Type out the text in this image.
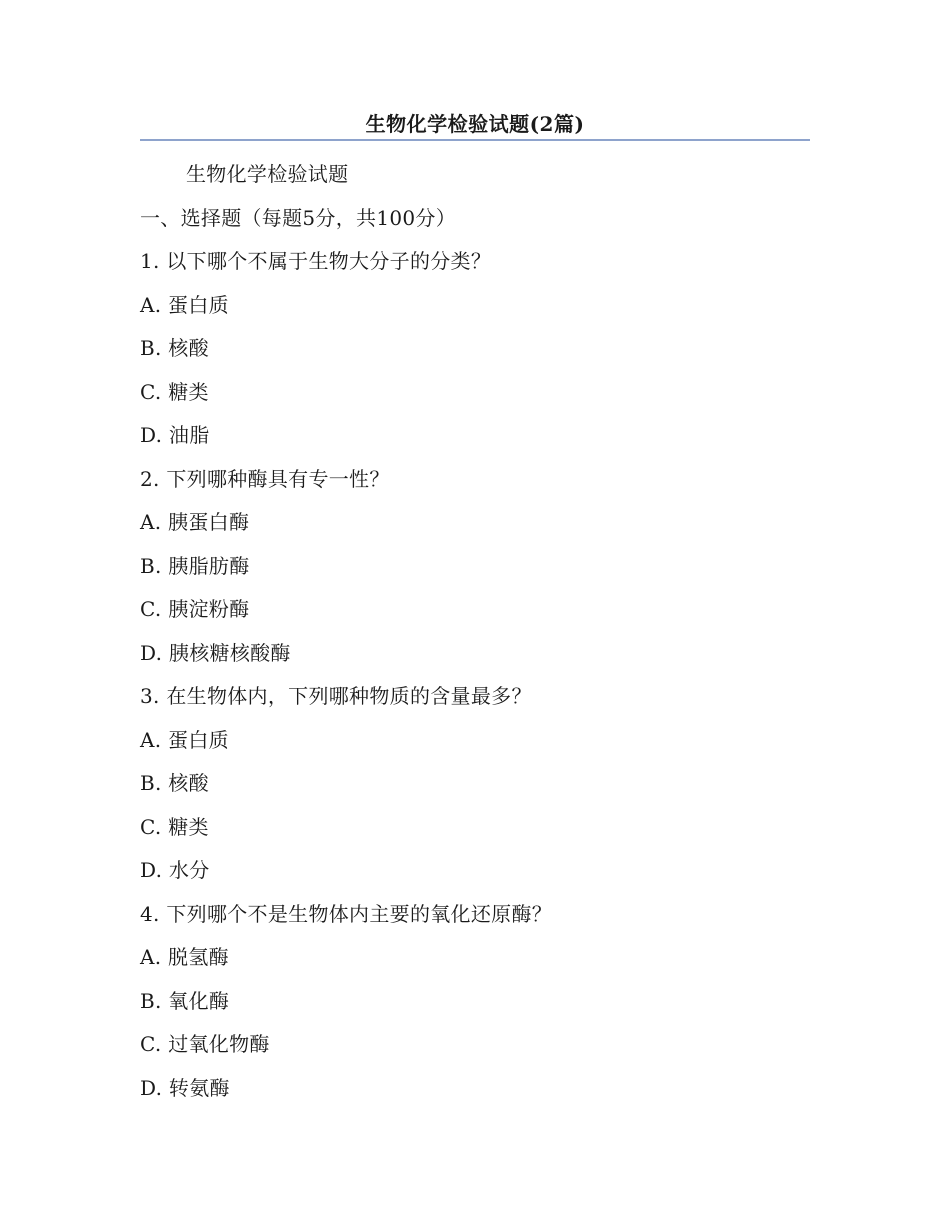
生物化学检验试题(2篇)
生物化学检验试题
一、选择题（每题5分，共100分）
1. 以下哪个不属于生物大分子的分类？
A. 蛋白质
B. 核酸
C. 糖类
D. 油脂
2. 下列哪种酶具有专一性？
A. 胰蛋白酶
B. 胰脂肪酶
C. 胰淀粉酶
D. 胰核糖核酸酶
3. 在生物体内，下列哪种物质的含量最多？
A. 蛋白质
B. 核酸
C. 糖类
D. 水分
4. 下列哪个不是生物体内主要的氧化还原酶？
A. 脱氢酶
B. 氧化酶
C. 过氧化物酶
D. 转氨酶
